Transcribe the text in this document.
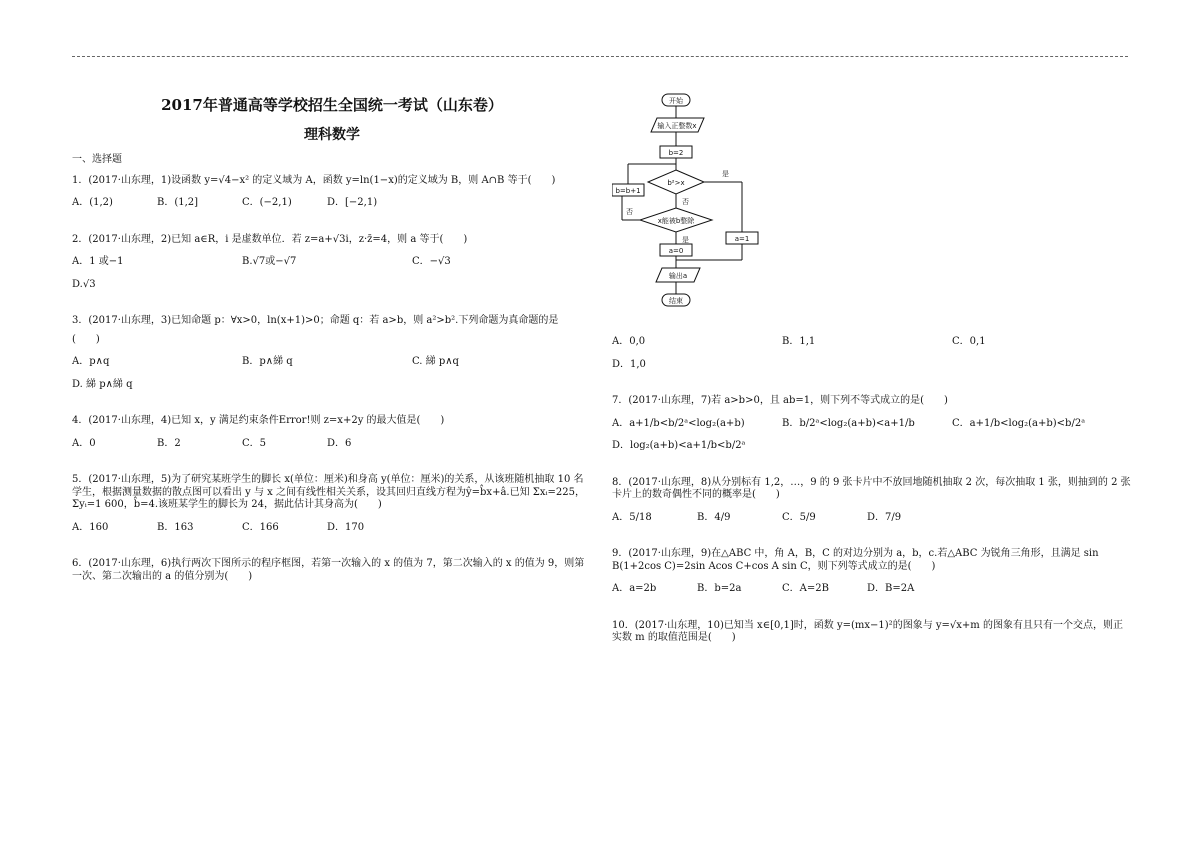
2017年普通高等学校招生全国统一考试（山东卷）
理科数学
一、选择题
1．(2017·山东理，1)设函数 y=√4−x² 的定义域为 A，函数 y=ln(1−x)的定义域为 B，则 A∩B 等于(　　)
A．(1,2)	B．(1,2]	C．(−2,1)	D．[−2,1)
2．(2017·山东理，2)已知 a∈R，i 是虚数单位．若 z=a+√3i，z·z̄=4，则 a 等于(　　)
A．1 或−1	B.√7或−√7	C．−√3
D.√3
3．(2017·山东理，3)已知命题 p：∀x>0，ln(x+1)>0；命题 q：若 a>b，则 a²>b².下列命题为真命题的是
(　　)
A．p∧q	B．p∧綈 q	C. 綈 p∧q
D. 綈 p∧綈 q
4．(2017·山东理，4)已知 x，y 满足约束条件Error!则 z=x+2y 的最大值是(　　)
A．0	B．2	C．5	D．6
5．(2017·山东理，5)为了研究某班学生的脚长 x(单位：厘米)和身高 y(单位：厘米)的关系，从该班随机抽取 10 名学生，根据测量数据的散点图可以看出 y 与 x 之间有线性相关关系，设其回归直线方程为ŷ=b̂x+â.已知 Σxᵢ=225，Σyᵢ=1 600，b̂=4.该班某学生的脚长为 24，据此估计其身高为(　　)
A．160	B．163	C．166	D．170
6．(2017·山东理，6)执行两次下图所示的程序框图，若第一次输入的 x 的值为 7，第二次输入的 x 的值为 9，则第一次、第二次输出的 a 的值分别为(　　)
开始
输入正整数x
b=2
b²>x
是
a=1
否
x能被b整除
否
b=b+1
是
a=0
输出a
结束
A．0,0	B．1,1	C．0,1
D．1,0
7．(2017·山东理，7)若 a>b>0，且 ab=1，则下列不等式成立的是(　　)
A．a+1/b<b/2ᵃ<log₂(a+b)	B．b/2ᵃ<log₂(a+b)<a+1/b	C．a+1/b<log₂(a+b)<b/2ᵃ
D．log₂(a+b)<a+1/b<b/2ᵃ
8．(2017·山东理，8)从分别标有 1,2，…，9 的 9 张卡片中不放回地随机抽取 2 次，每次抽取 1 张，则抽到的 2 张卡片上的数奇偶性不同的概率是(　　)
A．5/18	B．4/9	C．5/9	D．7/9
9．(2017·山东理，9)在△ABC 中，角 A，B，C 的对边分别为 a，b，c.若△ABC 为锐角三角形，且满足 sin B(1+2cos C)=2sin Acos C+cos A sin C，则下列等式成立的是(　　)
A．a=2b	B．b=2a	C．A=2B	D．B=2A
10．(2017·山东理，10)已知当 x∈[0,1]时，函数 y=(mx−1)²的图象与 y=√x+m 的图象有且只有一个交点，则正实数 m 的取值范围是(　　)
